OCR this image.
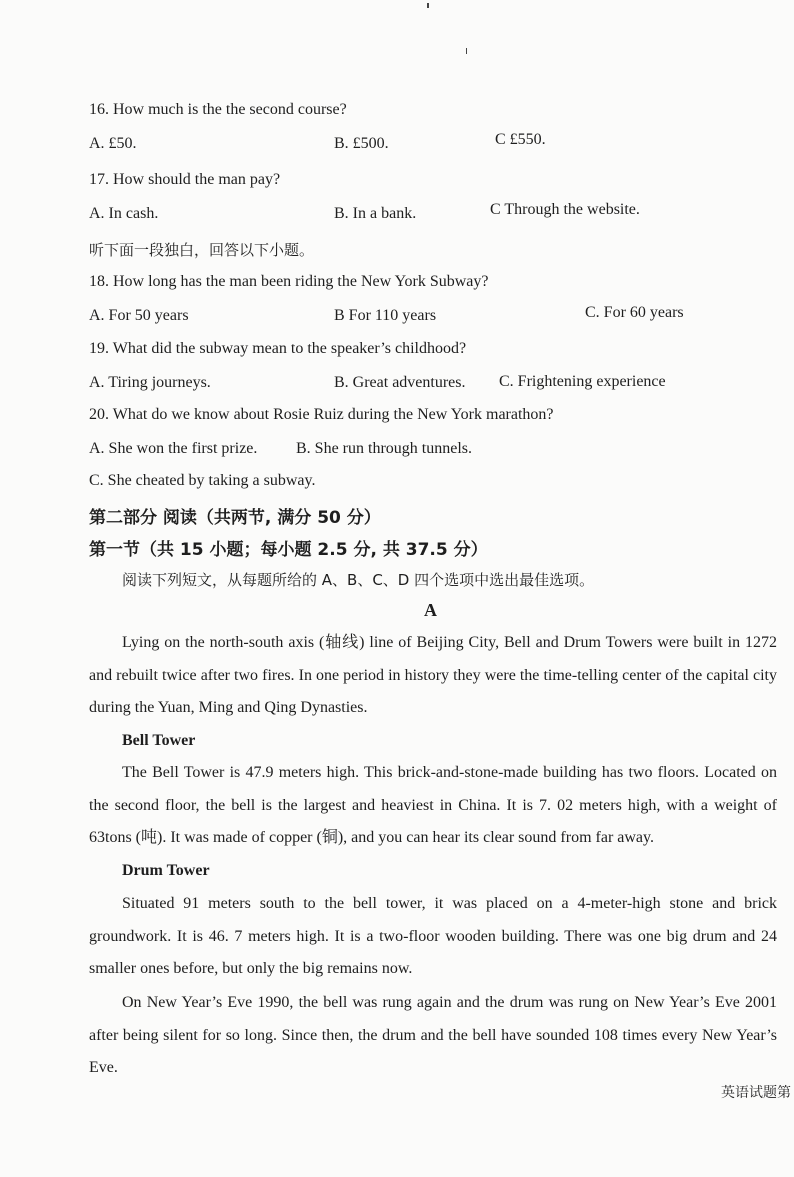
16. How much is the the second course?
A. £50.	B. £500.	C £550.
17. How should the man pay?
A. In cash.	B. In a bank.	C Through the website.
听下面一段独白，回答以下小题。
18. How long has the man been riding the New York Subway?
A. For 50 years	B For 110 years	C. For 60 years
19. What did the subway mean to the speaker’s childhood?
A. Tiring journeys.	B. Great adventures. C. Frightening experience
20. What do we know about Rosie Ruiz during the New York marathon?
A. She won the first prize. B. She run through tunnels.
C. She cheated by taking a subway.
第二部分 阅读（共两节, 满分 50 分）
第一节（共 15 小题；每小题 2.5 分, 共 37.5 分）
阅读下列短文，从每题所给的 A、B、C、D 四个选项中选出最佳选项。
A
Lying on the north-south axis (轴线) line of Beijing City, Bell and Drum Towers were built in 1272 and rebuilt twice after two fires. In one period in history they were the time-telling center of the capital city during the Yuan, Ming and Qing Dynasties.
Bell Tower
The Bell Tower is 47.9 meters high. This brick-and-stone-made building has two floors. Located on the second floor, the bell is the largest and heaviest in China. It is 7. 02 meters high, with a weight of 63tons (吨). It was made of copper (铜), and you can hear its clear sound from far away.
Drum Tower
Situated 91 meters south to the bell tower, it was placed on a 4-meter-high stone and brick groundwork. It is 46. 7 meters high. It is a two-floor wooden building. There was one big drum and 24 smaller ones before, but only the big remains now.
On New Year’s Eve 1990, the bell was rung again and the drum was rung on New Year’s Eve 2001 after being silent for so long. Since then, the drum and the bell have sounded 108 times every New Year’s Eve.
英语试题第
